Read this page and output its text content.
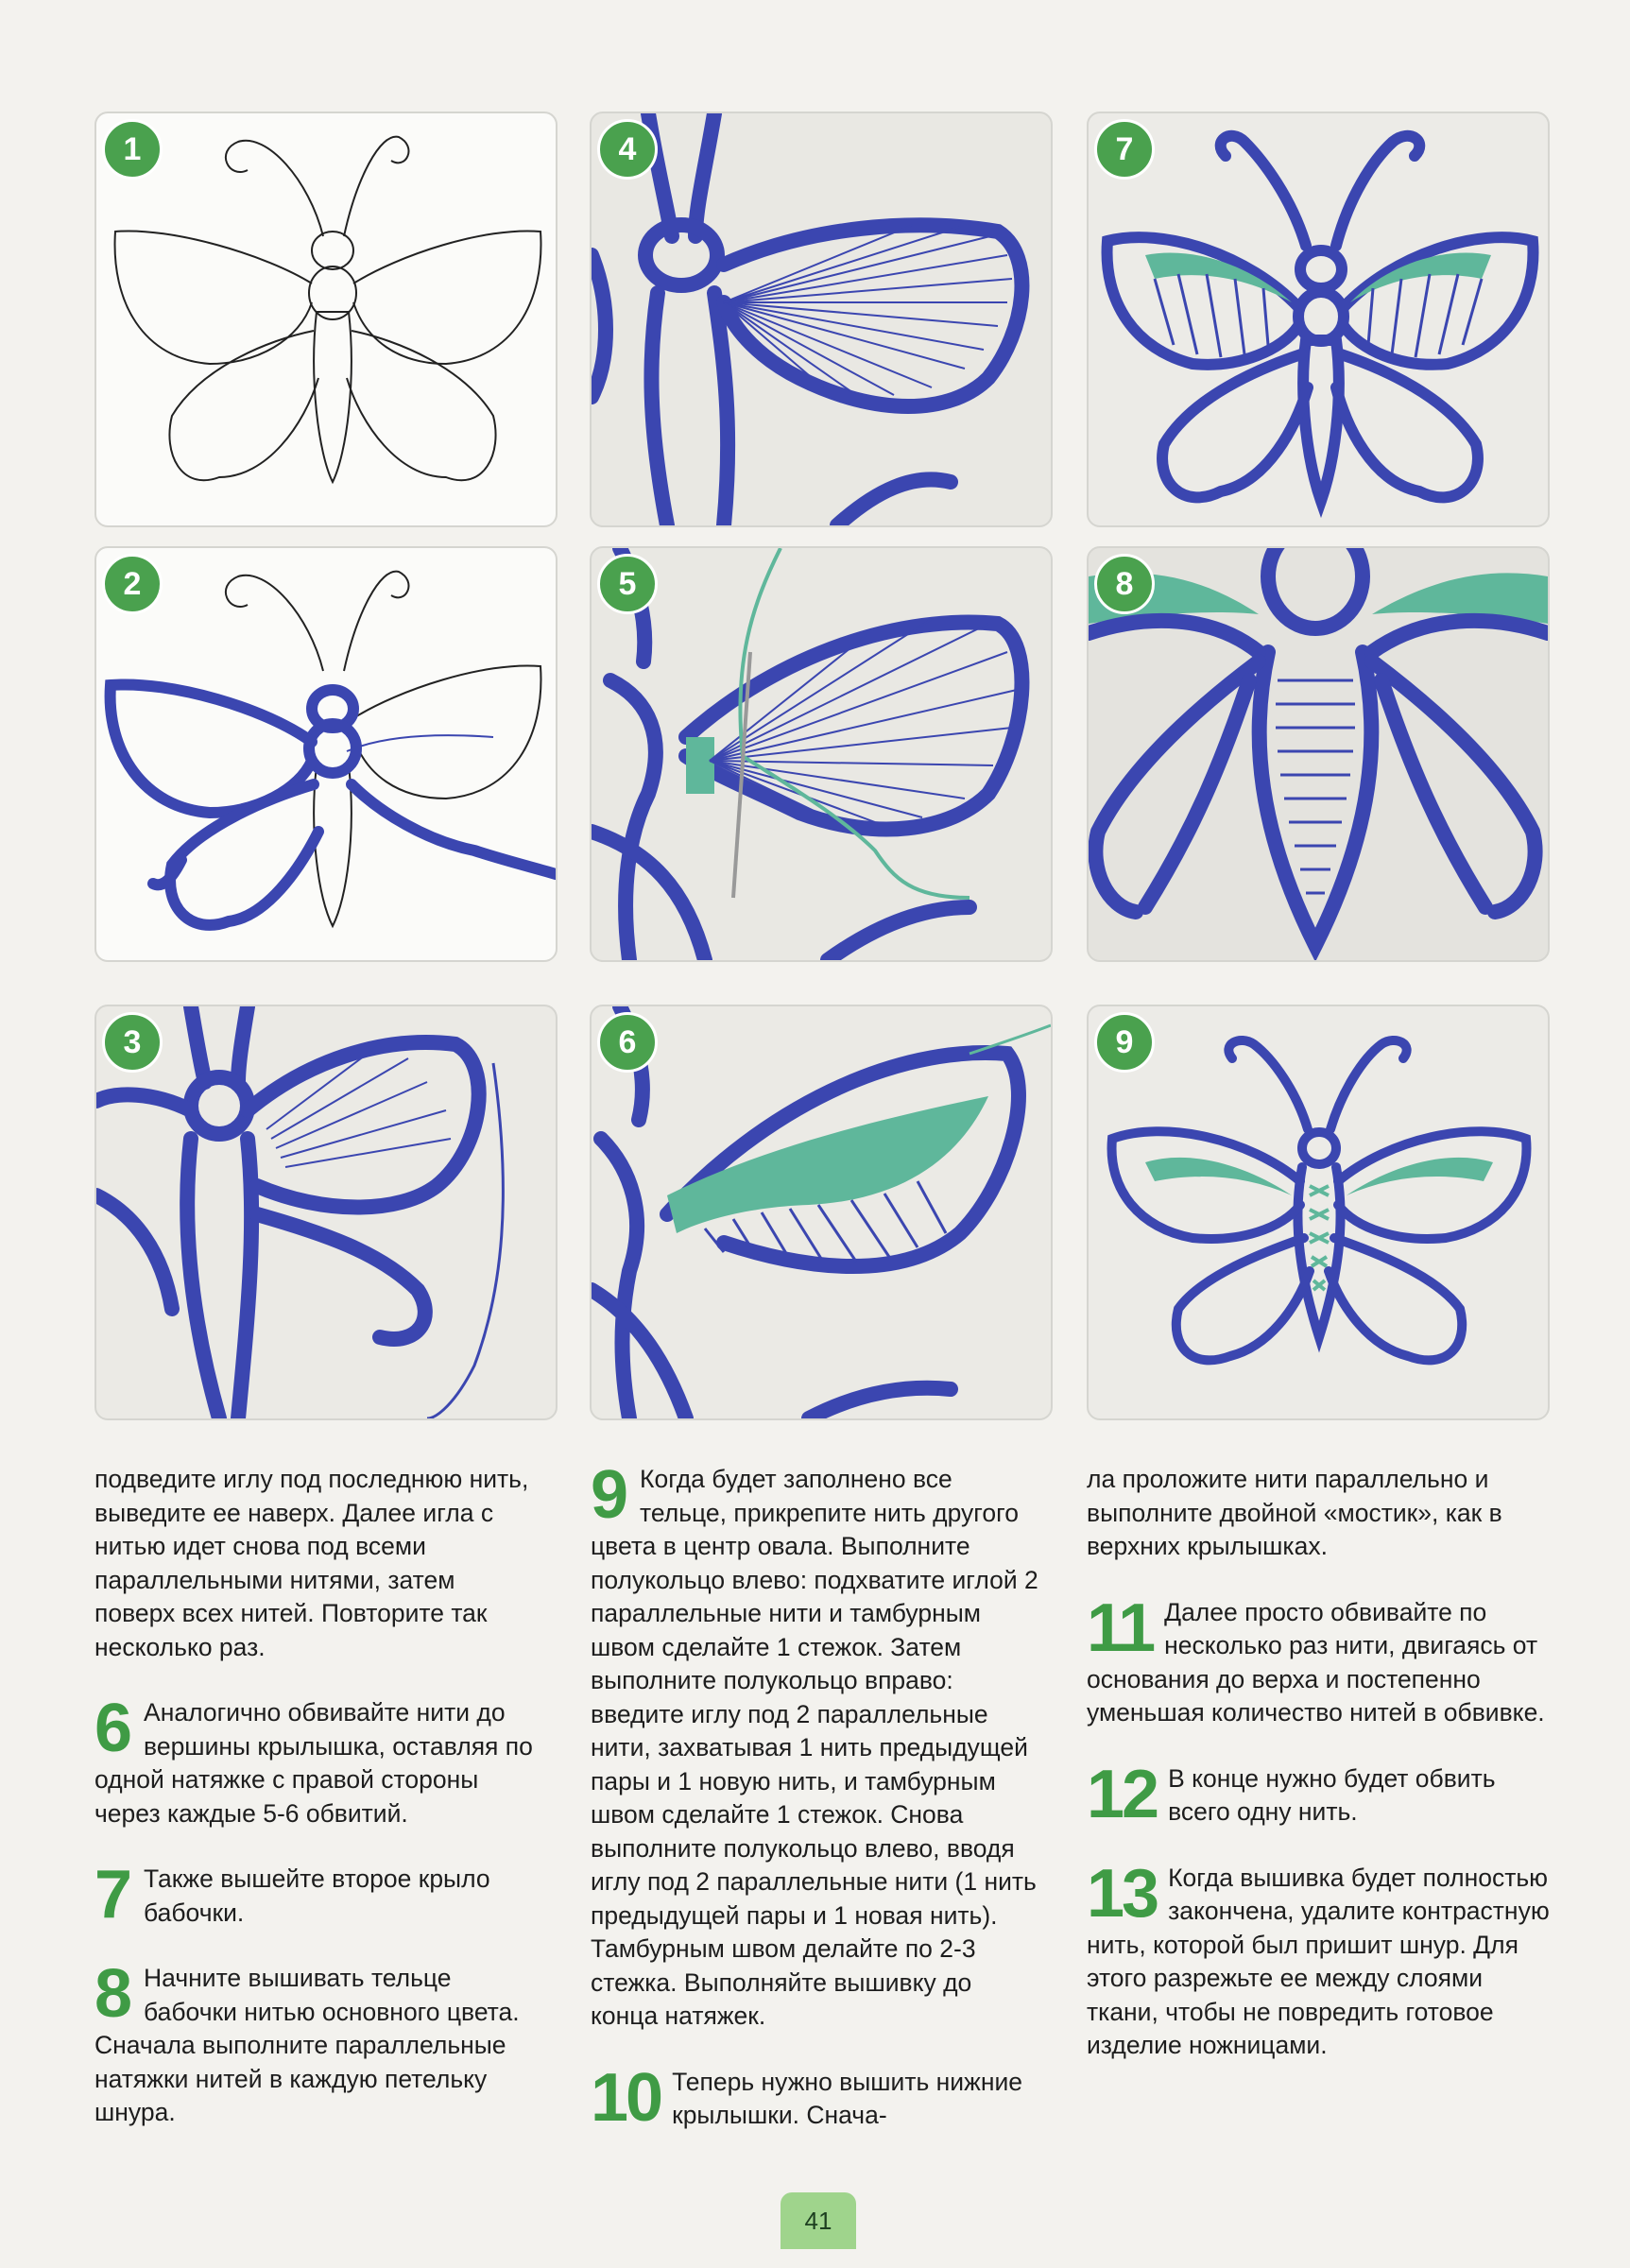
1	4	7
2	5	8
3	6	9

подведите иглу под последнюю нить, выведите ее наверх. Далее игла с нитью идет снова под всеми параллельными нитями, затем поверх всех нитей. Повторите так несколько раз.

6 Аналогично обвивайте нити до вершины крылышка, оставляя по одной натяжке с правой стороны через каждые 5-6 обвитий.

7 Также вышейте второе крыло бабочки.

8 Начните вышивать тельце бабочки нитью основного цвета. Сначала выполните параллельные натяжки нитей в каждую петельку шнура.

9 Когда будет заполнено все тельце, прикрепите нить другого цвета в центр овала. Выполните полукольцо влево: подхватите иглой 2 параллельные нити и тамбурным швом сделайте 1 стежок. Затем выполните полукольцо вправо: введите иглу под 2 параллельные нити, захватывая 1 нить предыдущей пары и 1 новую нить, и тамбурным швом сделайте 1 стежок. Снова выполните полукольцо влево, вводя иглу под 2 параллельные нити (1 нить предыдущей пары и 1 новая нить). Тамбурным швом делайте по 2-3 стежка. Выполняйте вышивку до конца натяжек.

10 Теперь нужно вышить нижние крылышки. Снача-

ла проложите нити параллельно и выполните двойной «мостик», как в верхних крылышках.

11 Далее просто обвивайте по несколько раз нити, двигаясь от основания до верха и постепенно уменьшая количество нитей в обвивке.

12 В конце нужно будет обвить всего одну нить.

13 Когда вышивка будет полностью закончена, удалите контрастную нить, которой был пришит шнур. Для этого разрежьте ее между слоями ткани, чтобы не повредить готовое изделие ножницами.

41
